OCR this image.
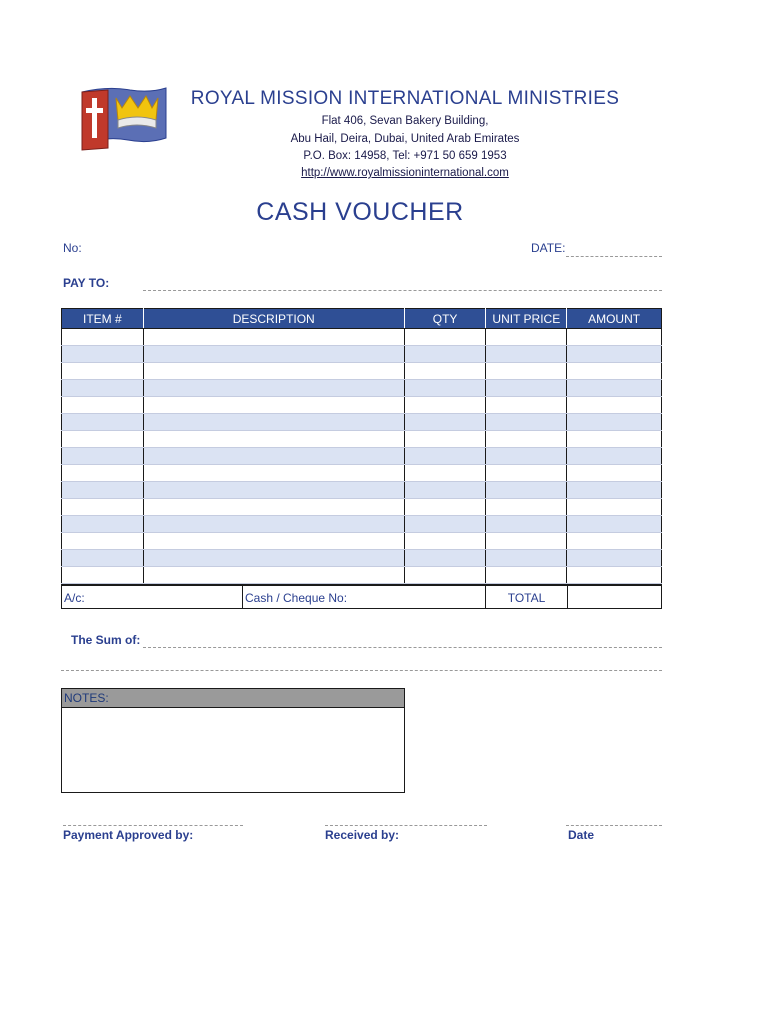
ROYAL MISSION INTERNATIONAL MINISTRIES
Flat 406, Sevan Bakery Building,
Abu Hail, Deira, Dubai, United Arab Emirates
P.O. Box: 14958, Tel: +971 50 659 1953
http://www.royalmissioninternational.com
CASH VOUCHER
No:	DATE:
PAY TO:
ITEM #	DESCRIPTION	QTY	UNIT PRICE	AMOUNT

A/c:	Cash / Cheque No:	TOTAL
The Sum of:
NOTES:
Payment Approved by:	Received by:	Date
